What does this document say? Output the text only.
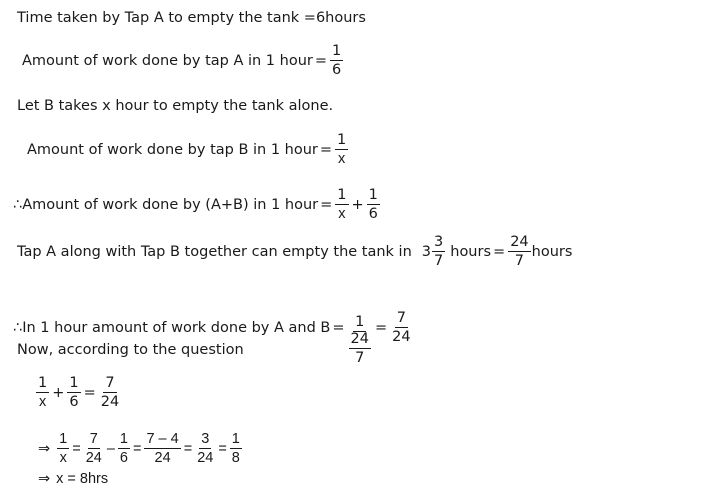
Time taken by Tap A to empty the tank =6hours
Amount of work done by tap A in 1 hour = $\frac{1}{6}$
Let B takes x hour to empty the tank alone.
Amount of work done by tap B in 1 hour = $\frac{1}{x}$
∴ Amount of work done by (A+B) in 1 hour = $\frac{1}{x} + \frac{1}{6}$
Tap A along with Tap B together can empty the tank in $3 \frac{3}{7}$ hours = $\frac{24}{7}$ hours
∴ In 1 hour amount of work done by A and $B = \frac{1}{\frac{24}{7}} = \frac{7}{24}$
Now, according to the question
$\frac{1}{x} + \frac{1}{6} = \frac{7}{24}$
⇒ $\frac{1}{x} = \frac{7}{24} - \frac{1}{6} = \frac{7 - 4}{24} = \frac{3}{24} = \frac{1}{8}$
⇒ x = 8hrs
